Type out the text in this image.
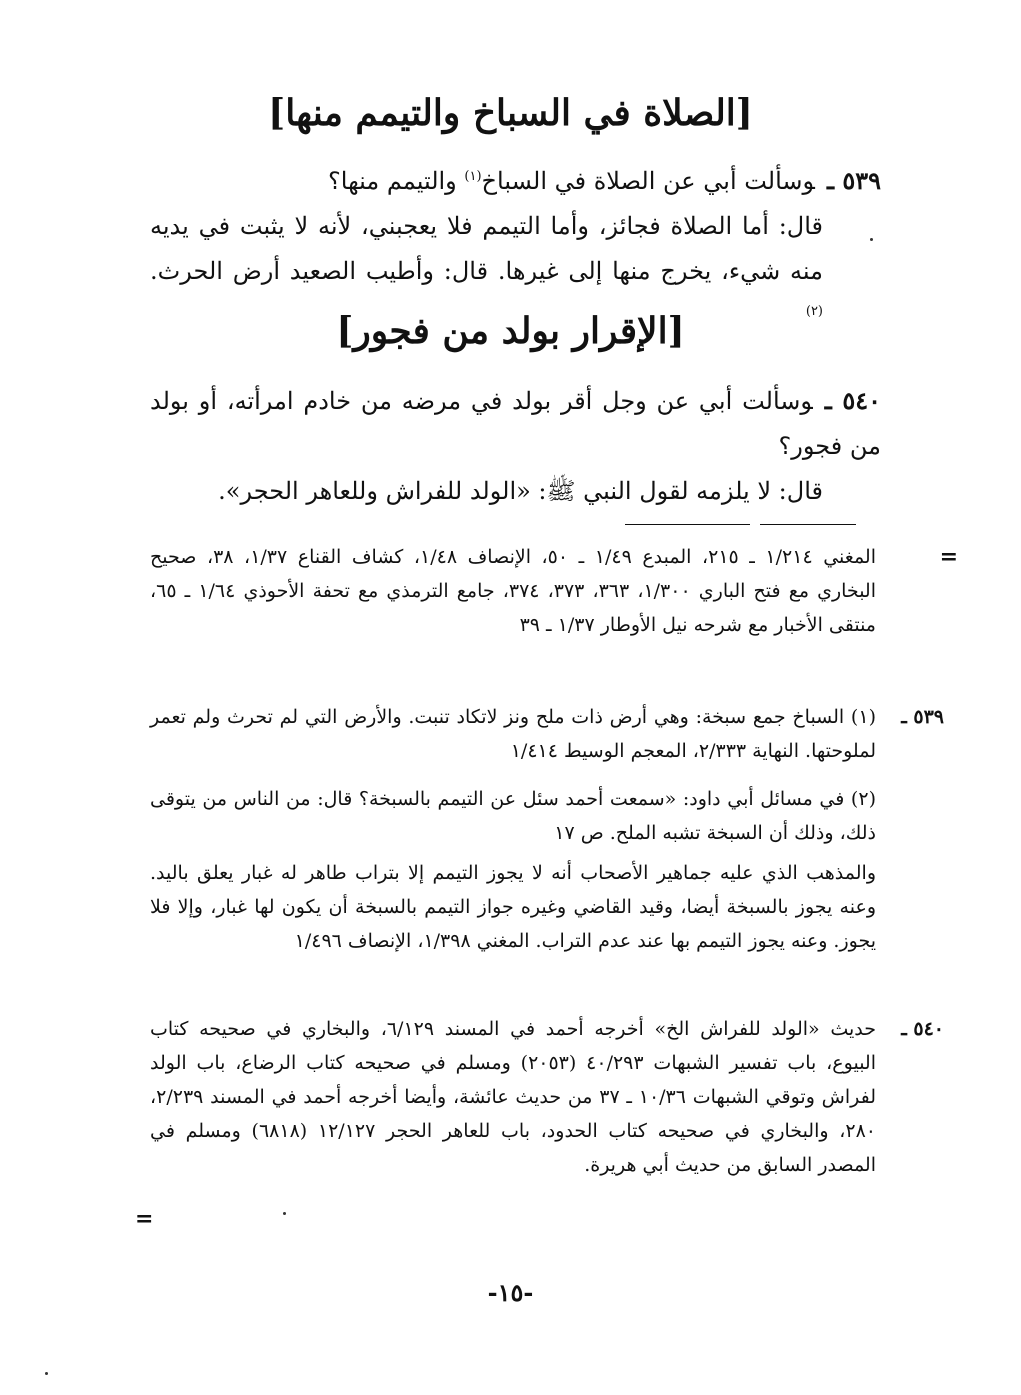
[الصلاة في السباخ والتيمم منها]
٥٣٩ ـوسألت أبي عن الصلاة في السباخ$^{(١)}$ والتيمم منها؟
قال: أما الصلاة فجائز، وأما التيمم فلا يعجبني، لأنه لا يثبت في يديه منه شيء، يخرج منها إلى غيرها. قال: وأطيب الصعيد أرض الحرث. $^{(٢)}$
[الإقرار بولد من فجور]
٥٤٠ ـوسألت أبي عن وجل أقر بولد في مرضه من خادم امرأته، أو بولد من فجور؟
قال: لا يلزمه لقول النبي ﷺ: «الولد للفراش وللعاهر الحجر».
=
المغني ١/٢١٤ ـ ٢١٥، المبدع ١/٤٩ ـ ٥٠، الإنصاف ١/٤٨، كشاف القناع ١/٣٧، ٣٨، صحيح البخاري مع فتح الباري ١/٣٠٠، ٣٦٣، ٣٧٣، ٣٧٤، جامع الترمذي مع تحفة الأحوذي ١/٦٤ ـ ٦٥، منتقى الأخبار مع شرحه نيل الأوطار ١/٣٧ ـ ٣٩
٥٣٩ ـ
(١) السباخ جمع سبخة: وهي أرض ذات ملح ونز لاتكاد تنبت. والأرض التي لم تحرث ولم تعمر لملوحتها. النهاية ٢/٣٣٣، المعجم الوسيط ١/٤١٤
(٢) في مسائل أبي داود: «سمعت أحمد سئل عن التيمم بالسبخة؟ قال: من الناس من يتوقى ذلك، وذلك أن السبخة تشبه الملح. ص ١٧
والمذهب الذي عليه جماهير الأصحاب أنه لا يجوز التيمم إلا بتراب طاهر له غبار يعلق باليد. وعنه يجوز بالسبخة أيضا، وقيد القاضي وغيره جواز التيمم بالسبخة أن يكون لها غبار، وإلا فلا يجوز. وعنه يجوز التيمم بها عند عدم التراب. المغني ١/٣٩٨، الإنصاف ١/٤٩٦
٥٤٠ ـ
حديث «الولد للفراش الخ» أخرجه أحمد في المسند ٦/١٢٩، والبخاري في صحيحه كتاب البيوع، باب تفسير الشبهات ٤٠/٢٩٣ (٢٠٥٣) ومسلم في صحيحه كتاب الرضاع، باب الولد لفراش وتوقي الشبهات ١٠/٣٦ ـ ٣٧ من حديث عائشة، وأيضا أخرجه أحمد في المسند ٢/٢٣٩، ٢٨٠، والبخاري في صحيحه كتاب الحدود، باب للعاهر الحجر ١٢/١٢٧ (٦٨١٨) ومسلم في المصدر السابق من حديث أبي هريرة.
=
-١٥-
